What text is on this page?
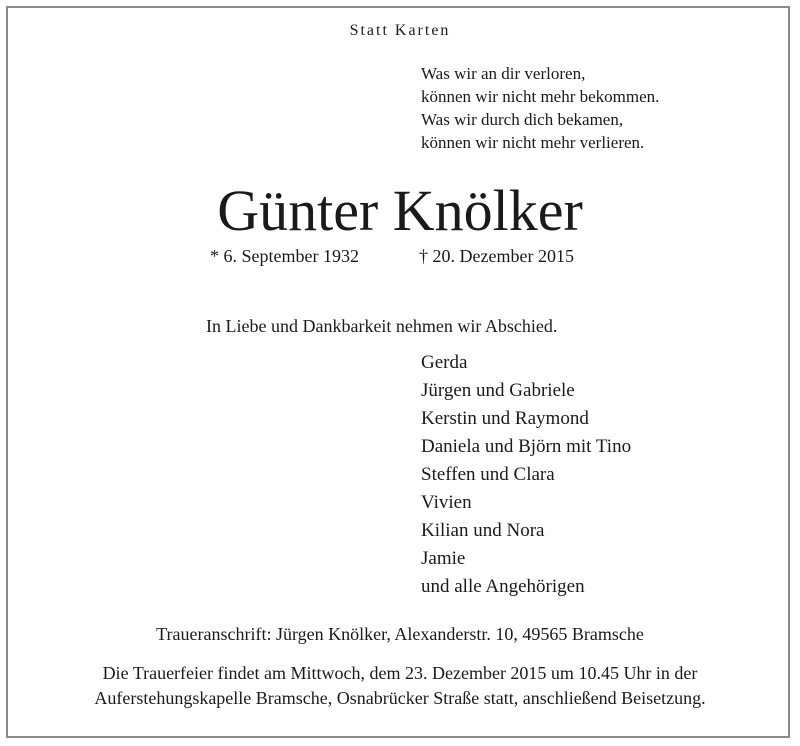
Statt Karten
Was wir an dir verloren,
können wir nicht mehr bekommen.
Was wir durch dich bekamen,
können wir nicht mehr verlieren.
Günter Knölker
* 6. September 1932	† 20. Dezember 2015
In Liebe und Dankbarkeit nehmen wir Abschied.
Gerda
Jürgen und Gabriele
Kerstin und Raymond
Daniela und Björn mit Tino
Steffen und Clara
Vivien
Kilian und Nora
Jamie
und alle Angehörigen
Traueranschrift: Jürgen Knölker, Alexanderstr. 10, 49565 Bramsche
Die Trauerfeier findet am Mittwoch, dem 23. Dezember 2015 um 10.45 Uhr in der
Auferstehungskapelle Bramsche, Osnabrücker Straße statt, anschließend Beisetzung.
